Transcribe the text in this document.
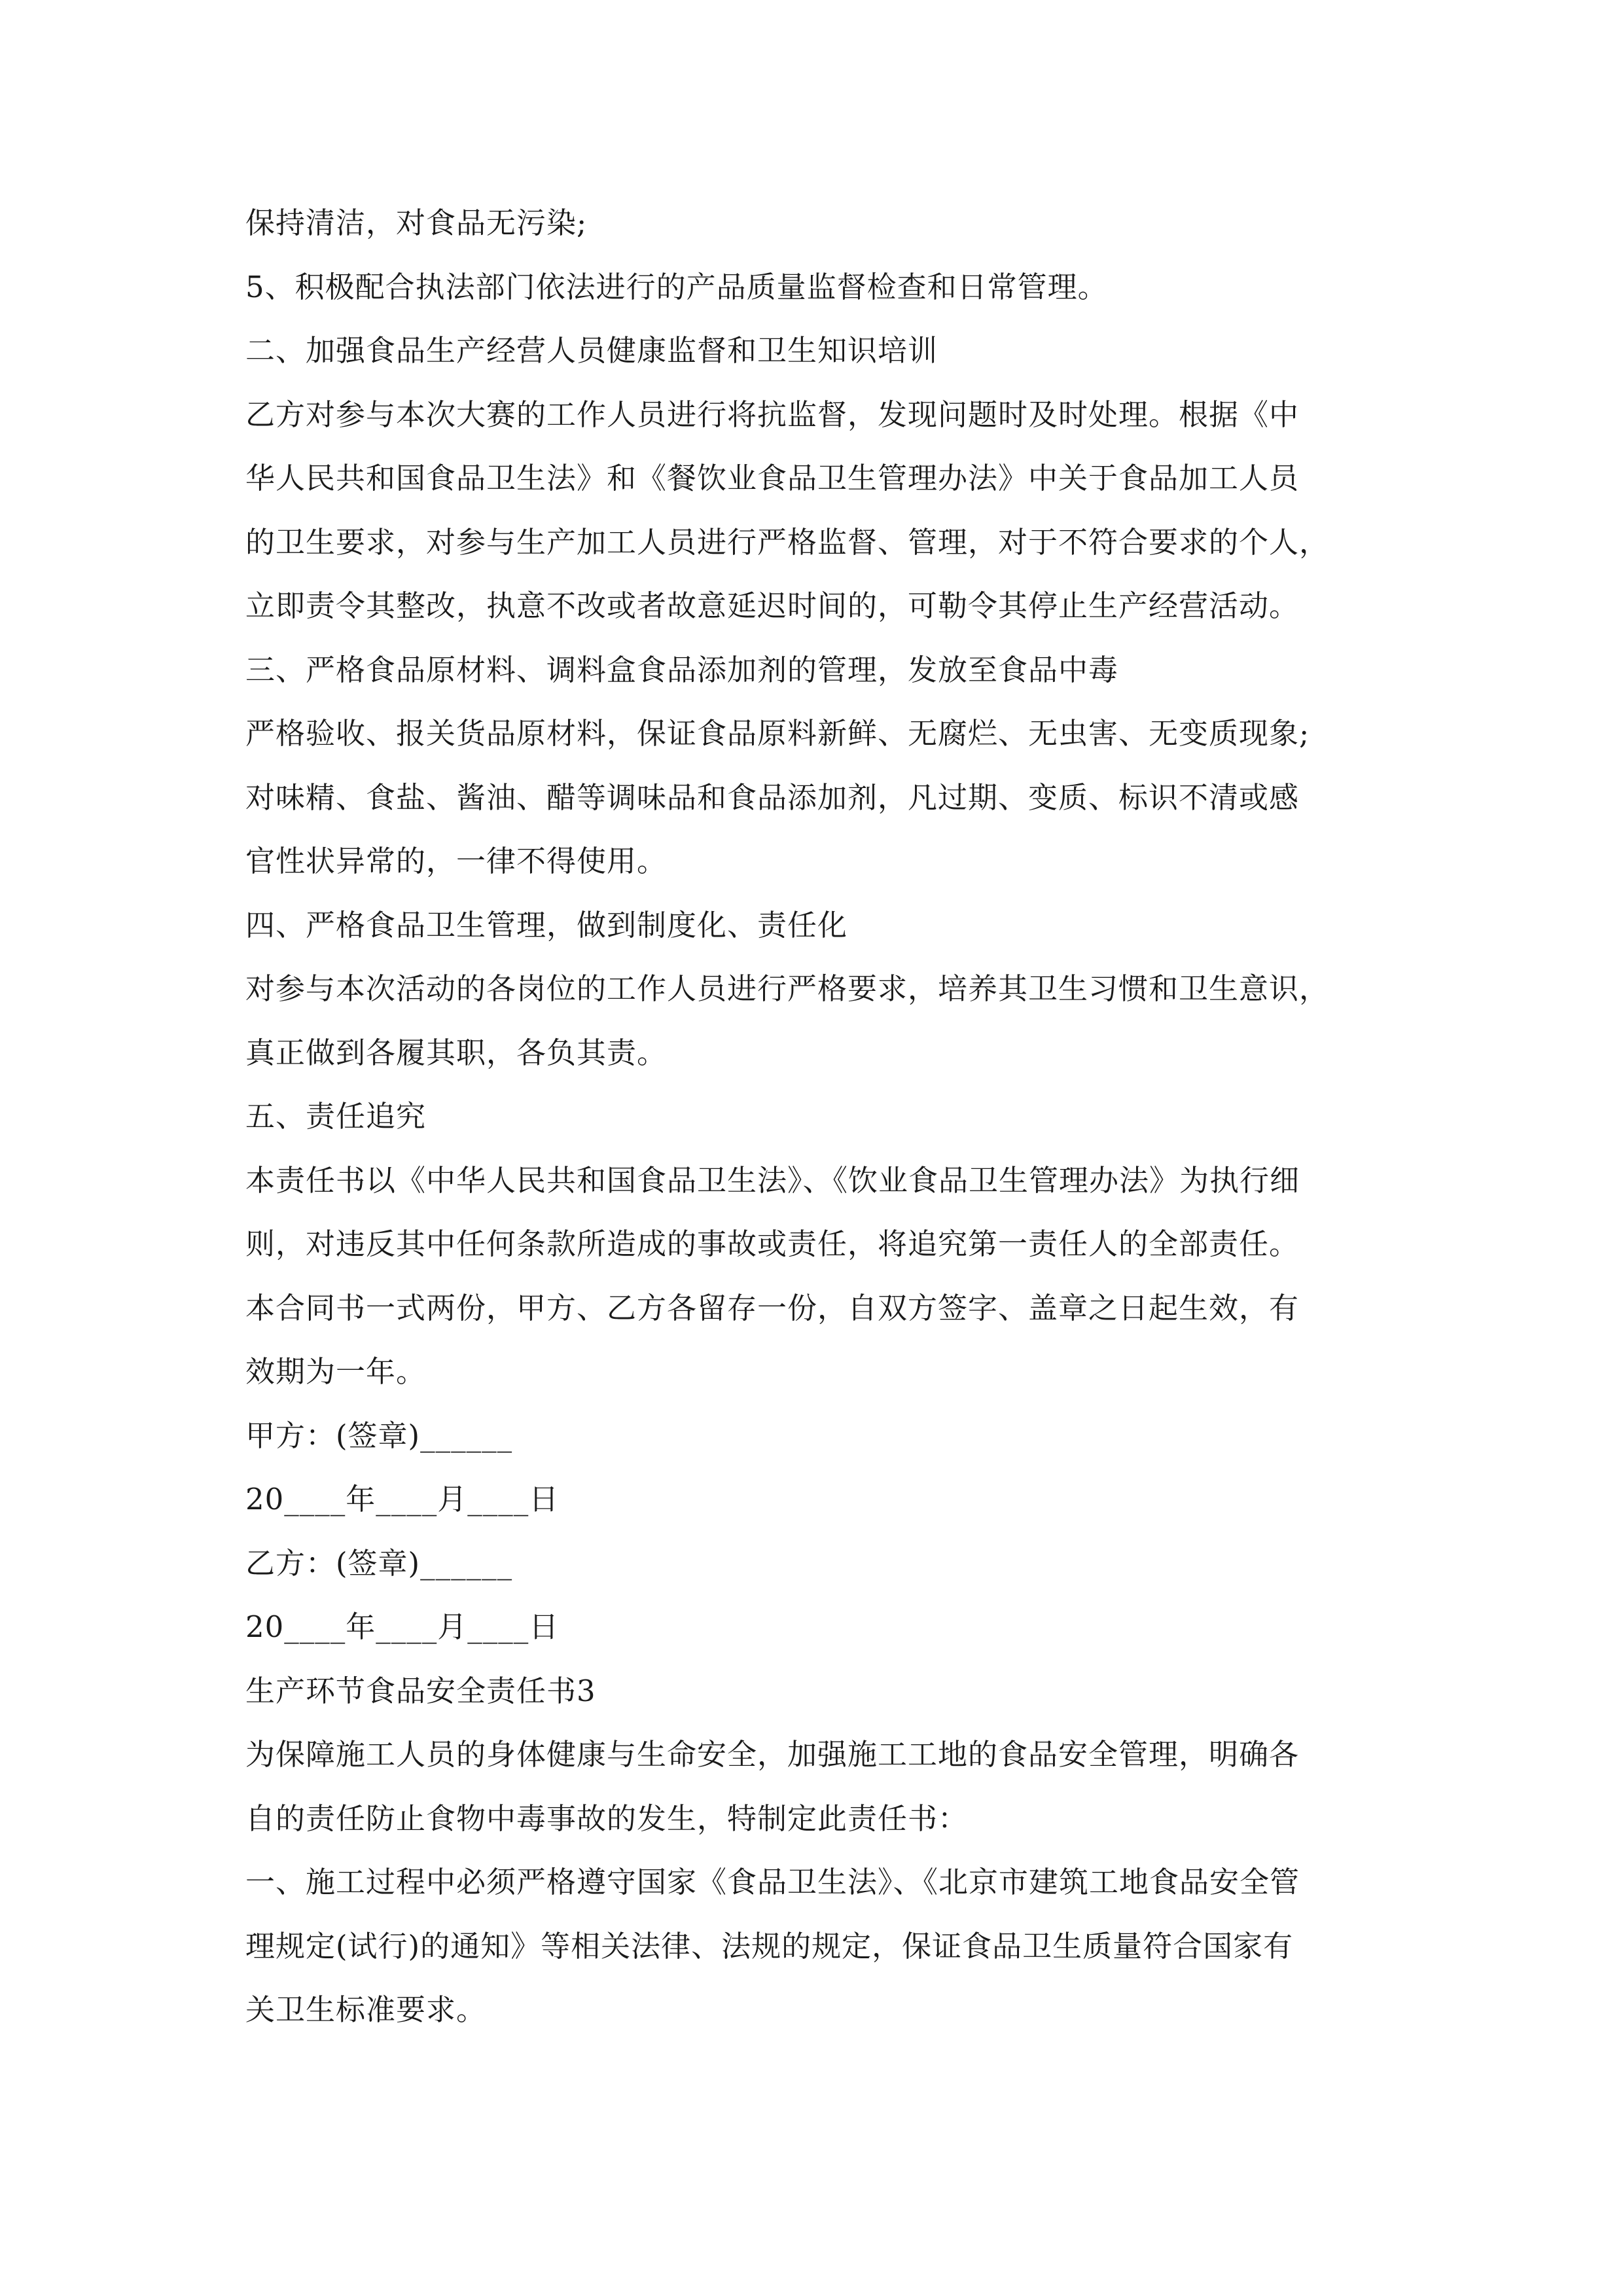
保持清洁，对食品无污染;
5、积极配合执法部门依法进行的产品质量监督检查和日常管理。
二、加强食品生产经营人员健康监督和卫生知识培训
乙方对参与本次大赛的工作人员进行将抗监督，发现问题时及时处理。根据《中
华人民共和国食品卫生法》和《餐饮业食品卫生管理办法》中关于食品加工人员
的卫生要求，对参与生产加工人员进行严格监督、管理，对于不符合要求的个人，
立即责令其整改，执意不改或者故意延迟时间的，可勒令其停止生产经营活动。
三、严格食品原材料、调料盒食品添加剂的管理，发放至食品中毒
严格验收、报关货品原材料，保证食品原料新鲜、无腐烂、无虫害、无变质现象;
对味精、食盐、酱油、醋等调味品和食品添加剂，凡过期、变质、标识不清或感
官性状异常的，一律不得使用。
四、严格食品卫生管理，做到制度化、责任化
对参与本次活动的各岗位的工作人员进行严格要求，培养其卫生习惯和卫生意识，
真正做到各履其职，各负其责。
五、责任追究
本责任书以《中华人民共和国食品卫生法》、《饮业食品卫生管理办法》为执行细
则，对违反其中任何条款所造成的事故或责任，将追究第一责任人的全部责任。
本合同书一式两份，甲方、乙方各留存一份，自双方签字、盖章之日起生效，有
效期为一年。
甲方：(签章)______
20____年____月____日
乙方：(签章)______
20____年____月____日
生产环节食品安全责任书3
为保障施工人员的身体健康与生命安全，加强施工工地的食品安全管理，明确各
自的责任防止食物中毒事故的发生，特制定此责任书：
一、施工过程中必须严格遵守国家《食品卫生法》、《北京市建筑工地食品安全管
理规定(试行)的通知》等相关法律、法规的规定，保证食品卫生质量符合国家有
关卫生标准要求。
